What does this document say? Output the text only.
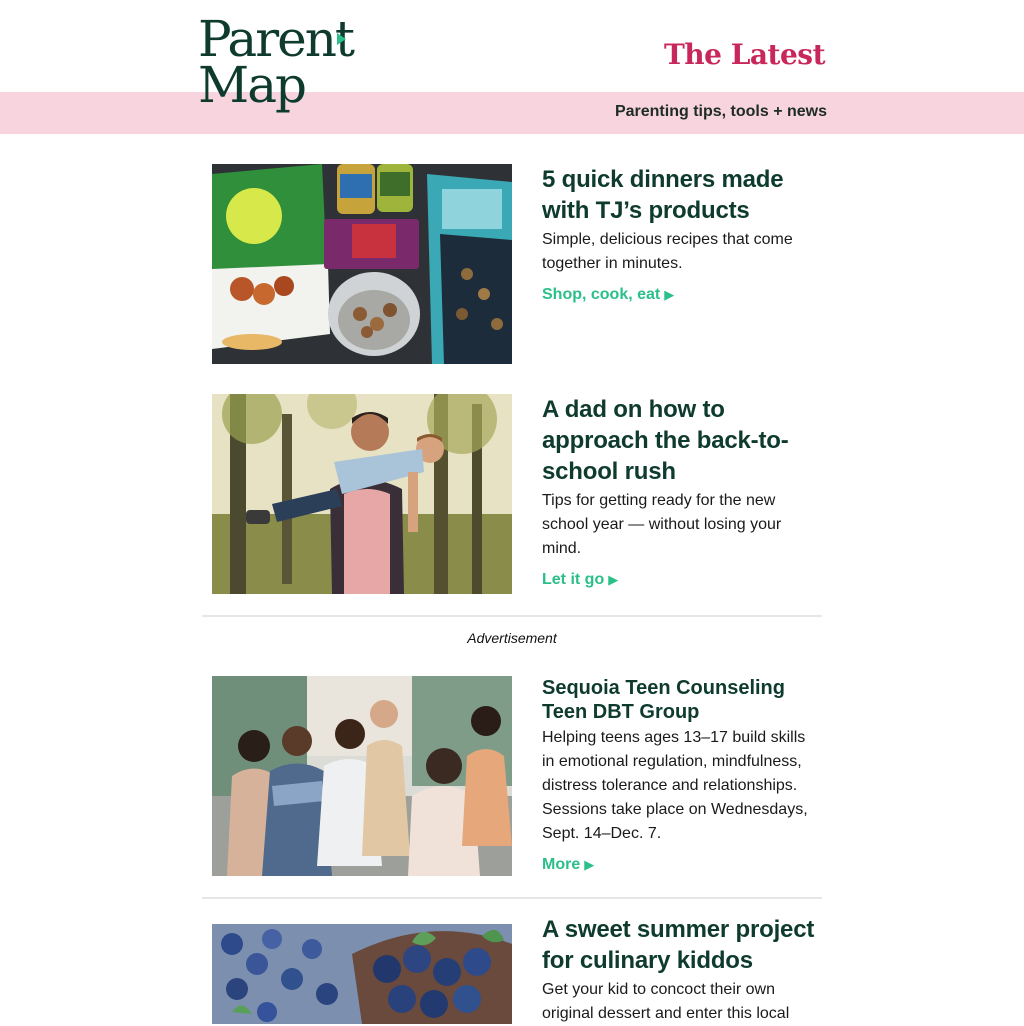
Parent
Map
The Latest
Parenting tips, tools + news
5 quick dinners made with TJ’s products

Simple, delicious recipes that come together in minutes.

Shop, cook, eat ▶
A dad on how to approach the back-to-school rush

Tips for getting ready for the new school year — without losing your mind.

Let it go ▶
Advertisement
Sequoia Teen Counseling Teen DBT Group

Helping teens ages 13–17 build skills in emotional regulation, mindfulness, distress tolerance and relationships. Sessions take place on Wednesdays, Sept. 14–Dec. 7.

More ▶
A sweet summer project for culinary kiddos

Get your kid to concoct their own original dessert and enter this local
